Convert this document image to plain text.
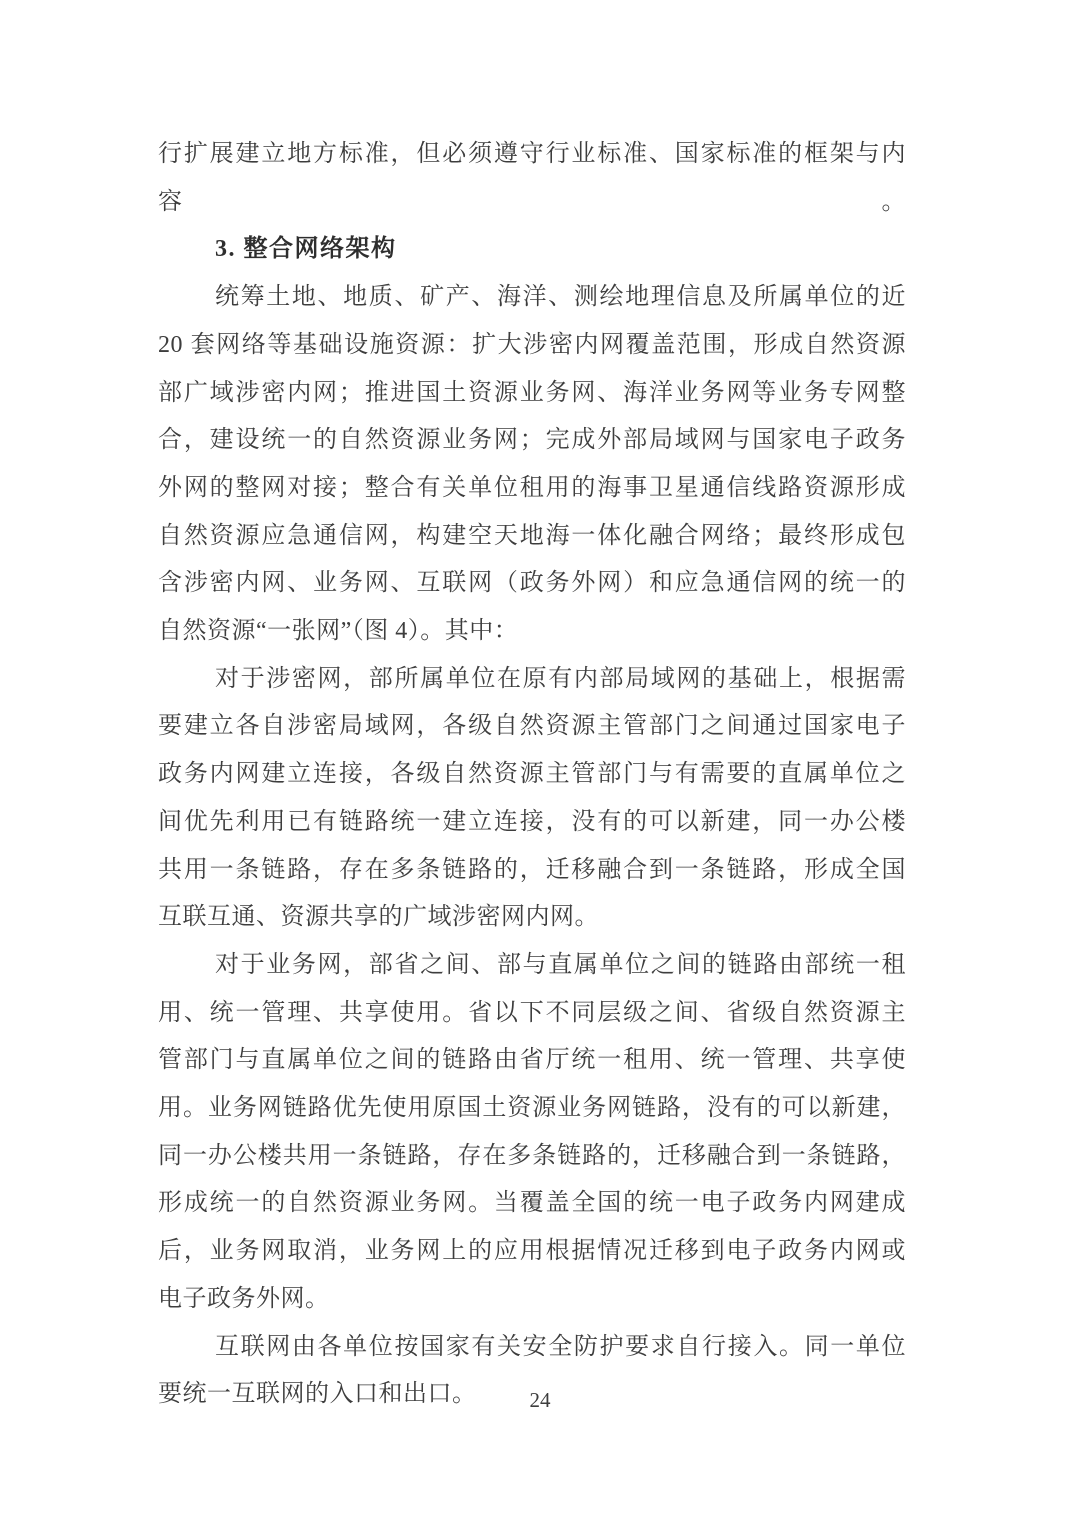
行扩展建立地方标准，但必须遵守行业标准、国家标准的框架与内容。
3. 整合网络架构
统筹土地、地质、矿产、海洋、测绘地理信息及所属单位的近
20 套网络等基础设施资源：扩大涉密内网覆盖范围，形成自然资源
部广域涉密内网；推进国土资源业务网、海洋业务网等业务专网整
合，建设统一的自然资源业务网；完成外部局域网与国家电子政务
外网的整网对接；整合有关单位租用的海事卫星通信线路资源形成
自然资源应急通信网，构建空天地海一体化融合网络；最终形成包
含涉密内网、业务网、互联网（政务外网）和应急通信网的统一的
自然资源“一张网”（图 4）。其中：
对于涉密网，部所属单位在原有内部局域网的基础上，根据需
要建立各自涉密局域网，各级自然资源主管部门之间通过国家电子
政务内网建立连接，各级自然资源主管部门与有需要的直属单位之
间优先利用已有链路统一建立连接，没有的可以新建，同一办公楼
共用一条链路，存在多条链路的，迁移融合到一条链路，形成全国
互联互通、资源共享的广域涉密网内网。
对于业务网，部省之间、部与直属单位之间的链路由部统一租
用、统一管理、共享使用。省以下不同层级之间、省级自然资源主
管部门与直属单位之间的链路由省厅统一租用、统一管理、共享使
用。业务网链路优先使用原国土资源业务网链路，没有的可以新建，
同一办公楼共用一条链路，存在多条链路的，迁移融合到一条链路，
形成统一的自然资源业务网。当覆盖全国的统一电子政务内网建成
后，业务网取消，业务网上的应用根据情况迁移到电子政务内网或
电子政务外网。
互联网由各单位按国家有关安全防护要求自行接入。同一单位
要统一互联网的入口和出口。	24
